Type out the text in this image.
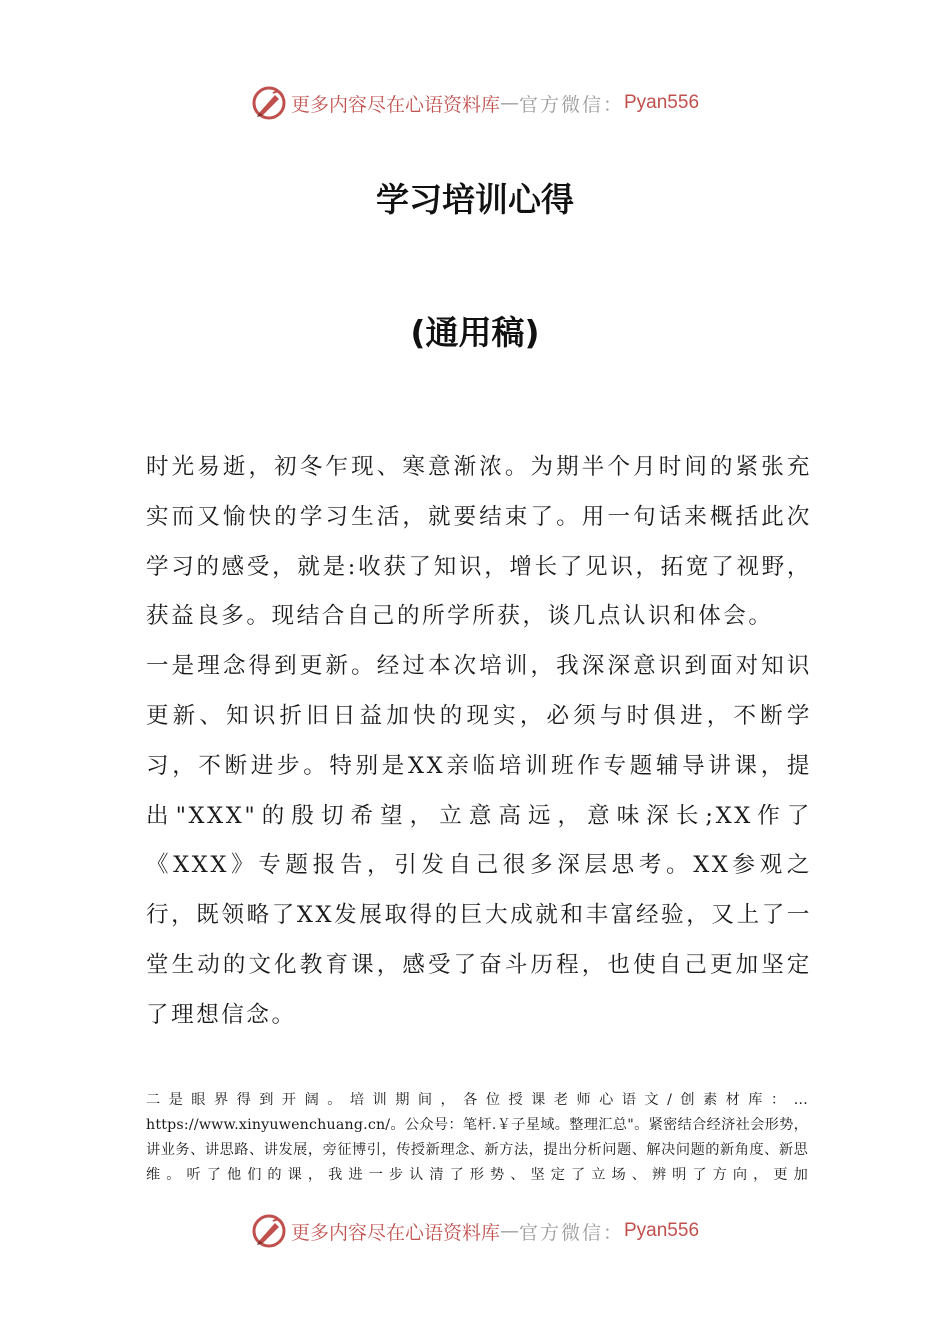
更多内容尽在心语资料库 — 官方微信： Pyan556
学习培训心得
(通用稿)

时光易逝，初冬乍现、寒意渐浓。为期半个月时间的紧张充实而又愉快的学习生活，就要结束了。用一句话来概括此次学习的感受，就是:收获了知识，增长了见识，拓宽了视野，获益良多。现结合自己的所学所获，谈几点认识和体会。

一是理念得到更新。经过本次培训，我深深意识到面对知识更新、知识折旧日益加快的现实，必须与时俱进，不断学习，不断进步。特别是XX亲临培训班作专题辅导讲课，提出"XXX"的殷切希望，立意高远，意味深长;XX作了《XXX》专题报告，引发自己很多深层思考。XX参观之行，既领略了XX发展取得的巨大成就和丰富经验，又上了一堂生动的文化教育课，感受了奋斗历程，也使自己更加坚定了理想信念。

二是眼界得到开阔。培训期间，各位授课老师心语文/创素材库：… https://www.xinyuwenchuang.cn/。公众号：笔杆.￥子星域。整理汇总"。紧密结合经济社会形势，讲业务、讲思路、讲发展，旁征博引，传授新理念、新方法，提出分析问题、解决问题的新角度、新思维。听了他们的课，我进一步认清了形势、坚定了立场、辨明了方向，更加

更多内容尽在心语资料库 — 官方微信： Pyan556
